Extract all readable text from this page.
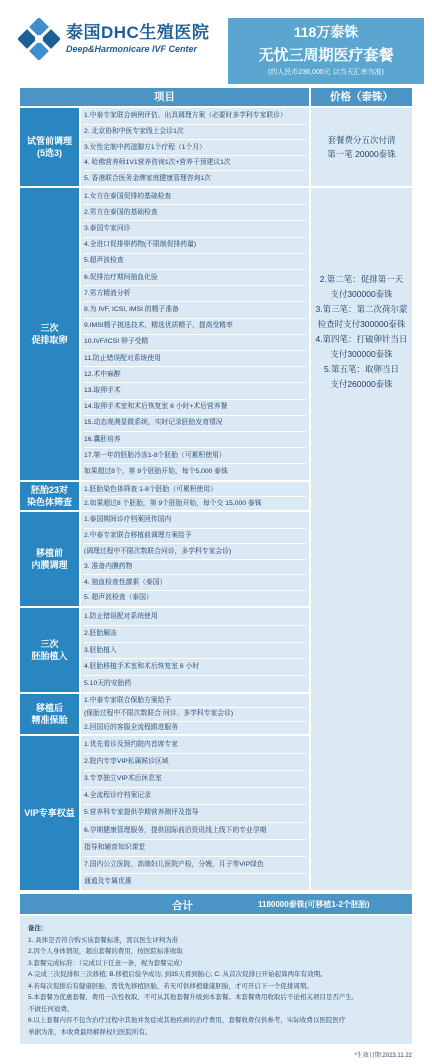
泰国DHC生殖医院
Deep&Harmonicare IVF Center
118万泰铢
无忧三周期医疗套餐
(约人民币236,000元 以当天汇率为准)
项目	价格（泰铢）
试管前调理
(5选3)
1.中泰专家联合病例评估、出具调理方案（必要时多学科专家联诊）
2. 北京协和中医专家线上会诊1次
3.女性定制中药滋脚方1个疗程（1个月）
4. 哈佛营养师1V1营养咨询1次+营养干预建议1次
5. 香港联合医务金牌家庭健康管理咨询1次
三次
促排取卵
1.女方在泰国促排的基础检查
2.男方在泰国的基础检查
3.泰国专家问诊
4.全进口促排卵药物(不限制促排药量)
5.超声波检查
6.促排治疗期间抽血化验
7.男方精液分析
8.为 IVF, ICSI, IMSI 的精子准备
9.IMSI精子挑选技术，精选优质精子，提高受精率
10.IVF/ICSI 卵子受精
11.防止错误配对系统使用
12.术中麻醉
13.取卵手术
14.取卵手术室和术后恢复室 6 小时+术后营养餐
15.动态观测显微系统，实时记录胚胎发育情况
16.囊胚培养
17.第一年的胚胎冷冻1-8个胚胎（可累积使用）
如果超过8个，第 9个胚胎开始，每个5,000 泰铢
胚胎23对
染色体筛查
1.胚胎染色体筛查 1-8个胚胎（可累积使用）
2.如果超过8 个胚胎，第 9个胚胎开始，每个交 15,000 泰铢
移植前
内膜调理
1.泰国期间诊疗档案回传国内
2.中泰专家联合移植前调理方案给予
(调理过程中不限次数联合问诊，多学科专家会诊)
3. 准备内膜药物
4. 抽血检查性激素（泰国）
5. 超声波检查（泰国）
三次
胚胎植入
1.防止错误配对系统使用
2.胚胎解冻
3.胚胎植入
4.胚胎移植手术室和术后恢复室 6 小时
5.10天的安胎药
移植后
精准保胎
1.中泰专家联合保胎方案给予
(保胎过程中不限次数联合 问诊、多学科专家会诊)
2.回国后的客服全流程跟进服务
VIP专享权益
1.优先看诊及预约院内首席专家
2.院内专享VIP私属候诊区域
3.专享独立VIP术后休息室
4.全流程诊疗档案记录
5.营养科专家提供孕期营养测评及指导
6.孕期健康管理服务，提供国际前沿资讯线上线下的专业孕期
指导和辅育知识课堂
7.国内公立医院、高端妇儿医院产检，分娩，月子等VIP绿色
通道及专属优惠
套餐费分五次付清
第一笔 20000泰铢
2.第二笔：促排第一天
支付300000泰铢
3.第三笔：第二次荷尔蒙
检查时支付300000泰铢
4.第四笔：打破卵针当日
支付300000泰铢
5.第五笔：取卵当日
支付260000泰铢
合计	1180000泰铢(可移植1-2个胚胎)
备注：
1. 具体是否符合购买该套餐标准，需以医生评判为准
2.因个人身体情况，超出套餐的费用，按医院标准收取
3.套餐完成标准：（完成以下任意一条，视为套餐完成）
A.完成三次促排和三次移植; B.移植后验孕成功, 到35天看到胎心; C. 从首次促排日开始起算两年有效期。
4.若每次促排后有健康胚胎，需优先移植胚胎，若无可供移植健康胚胎，才可开启下一个促排周期。
5.本套餐为优惠套餐，费用一次性收取，不可从其他套餐升级到本套餐。本套餐费用收取后不论相关项目是否产生,
不做任何退费。
6.以上套餐内容不包含治疗过程中其他并发症或其他疾病的治疗费用，套餐收费仅供参考，实际收费以医院医疗
单据为准，本收费最终解释权归医院所有。
*生效日期:2023.11.22
